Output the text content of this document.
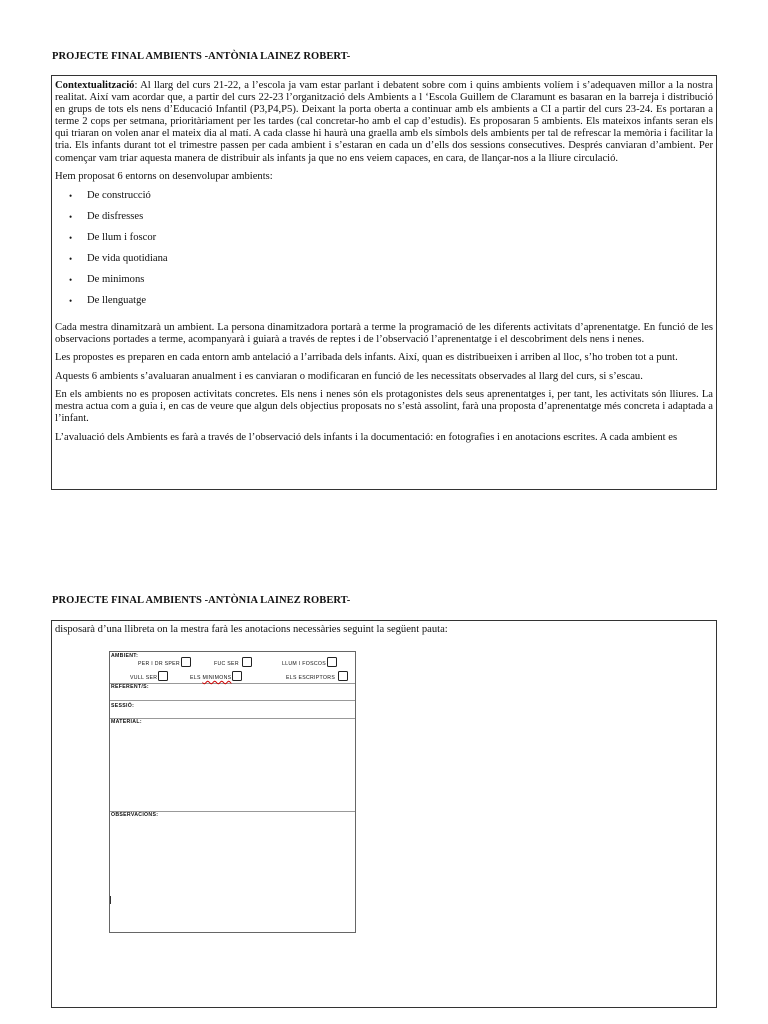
PROJECTE FINAL AMBIENTS -ANTÒNIA LAINEZ ROBERT-

Contextualització: Al llarg del curs 21-22, a l’escola ja vam estar parlant i debatent sobre com i quins ambients volíem i s’adequaven millor a la nostra realitat. Així vam acordar que, a partir del curs 22-23 l’organització dels Ambients a l ‘Escola Guillem de Claramunt es basaran en la barreja i distribució en grups de tots els nens d’Educació Infantil (P3,P4,P5). Deixant la porta oberta a continuar amb els ambients a CI a partir del curs 23-24. Es portaran a terme 2 cops per setmana, prioritàriament per les tardes (cal concretar-ho amb el cap d’estudis). Es proposaran 5 ambients. Els mateixos infants seran els qui triaran on volen anar el mateix dia al matí. A cada classe hi haurà una graella amb els símbols dels ambients per tal de refrescar la memòria i facilitar la tria. Els infants durant tot el trimestre passen per cada ambient i s’estaran en cada un d’ells dos sessions consecutives. Després canviaran d’ambient. Per començar vam triar aquesta manera de distribuir als infants ja que no ens veiem capaces, en cara, de llançar-nos a la lliure circulació.

Hem proposat 6 entorns on desenvolupar ambients:

• De construcció
• De disfresses
• De llum i foscor
• De vida quotidiana
• De minimons
• De llenguatge

Cada mestra dinamitzarà un ambient. La persona dinamitzadora portarà a terme la programació de les diferents activitats d’aprenentatge. En funció de les observacions portades a terme, acompanyarà i guiarà a través de reptes i de l’observació l’aprenentatge i el descobriment dels nens i nenes.

Les propostes es preparen en cada entorn amb antelació a l’arribada dels infants. Així, quan es distribueixen i arriben al lloc, s’ho troben tot a punt.

Aquests 6 ambients s’avaluaran anualment i es canviaran o modificaran en funció de les necessitats observades al llarg del curs, si s’escau.

En els ambients no es proposen activitats concretes. Els nens i nenes són els protagonistes dels seus aprenentatges i, per tant, les activitats són lliures. La mestra actua com a guia i, en cas de veure que algun dels objectius proposats no s’està assolint, farà una proposta d’aprenentatge més concreta i adaptada a l’infant.

L’avaluació dels Ambients es farà a través de l’observació dels infants i la documentació: en fotografies i en anotacions escrites. A cada ambient es

PROJECTE FINAL AMBIENTS -ANTÒNIA LAINEZ ROBERT-
disposarà d’una llibreta on la mestra farà les anotacions necessàries seguint la següent pauta:
AMBIENT:
PER I DR SPER	FUC SER	LLUM I FOSCOS
VULL SER	ELS MINIMONS	ELS ESCRIPTORS
REFERENT/S:
SESSIÓ:
MATERIAL:
OBSERVACIONS:
